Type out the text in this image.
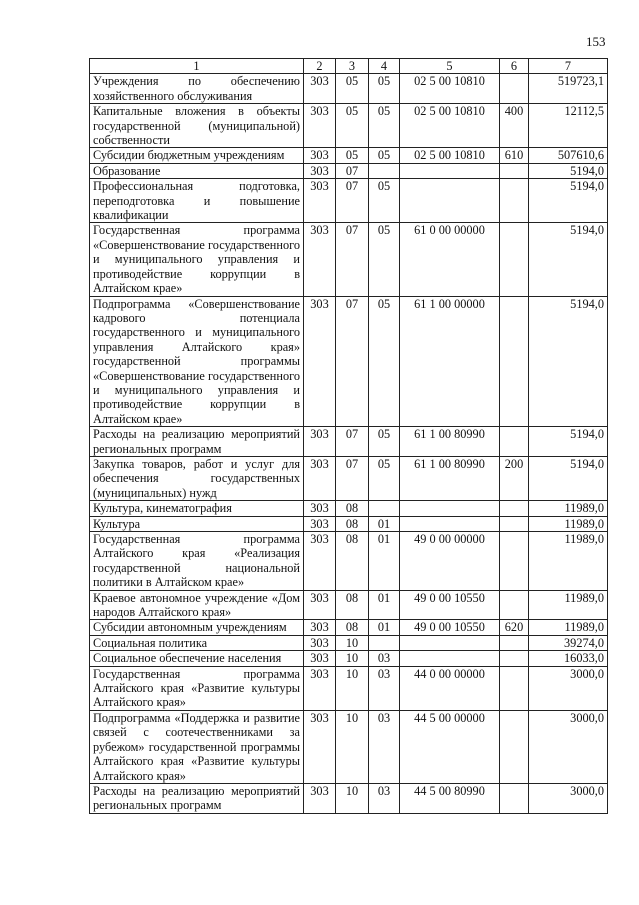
153
1	2	3	4	5	6	7
Учреждения по обеспечению хозяйственного обслуживания	303	05	05	02 5 00 10810		519723,1
Капитальные вложения в объекты государственной (муниципальной) собственности	303	05	05	02 5 00 10810	400	12112,5
Субсидии бюджетным учреждениям	303	05	05	02 5 00 10810	610	507610,6
Образование	303	07				5194,0
Профессиональная подготовка, переподготовка и повышение квалификации	303	07	05			5194,0
Государственная программа «Совершенствование государственного и муниципального управления и противодействие коррупции в Алтайском крае»	303	07	05	61 0 00 00000		5194,0
Подпрограмма «Совершенствование кадрового потенциала государственного и муниципального управления Алтайского края» государственной программы «Совершенствование государственного и муниципального управления и противодействие коррупции в Алтайском крае»	303	07	05	61 1 00 00000		5194,0
Расходы на реализацию мероприятий региональных программ	303	07	05	61 1 00 80990		5194,0
Закупка товаров, работ и услуг для обеспечения государственных (муниципальных) нужд	303	07	05	61 1 00 80990	200	5194,0
Культура, кинематография	303	08				11989,0
Культура	303	08	01			11989,0
Государственная программа Алтайского края «Реализация государственной национальной политики в Алтайском крае»	303	08	01	49 0 00 00000		11989,0
Краевое автономное учреждение «Дом народов Алтайского края»	303	08	01	49 0 00 10550		11989,0
Субсидии автономным учреждениям	303	08	01	49 0 00 10550	620	11989,0
Социальная политика	303	10				39274,0
Социальное обеспечение населения	303	10	03			16033,0
Государственная программа Алтайского края «Развитие культуры Алтайского края»	303	10	03	44 0 00 00000		3000,0
Подпрограмма «Поддержка и развитие связей с соотечественниками за рубежом» государственной программы Алтайского края «Развитие культуры Алтайского края»	303	10	03	44 5 00 00000		3000,0
Расходы на реализацию мероприятий региональных программ	303	10	03	44 5 00 80990		3000,0
